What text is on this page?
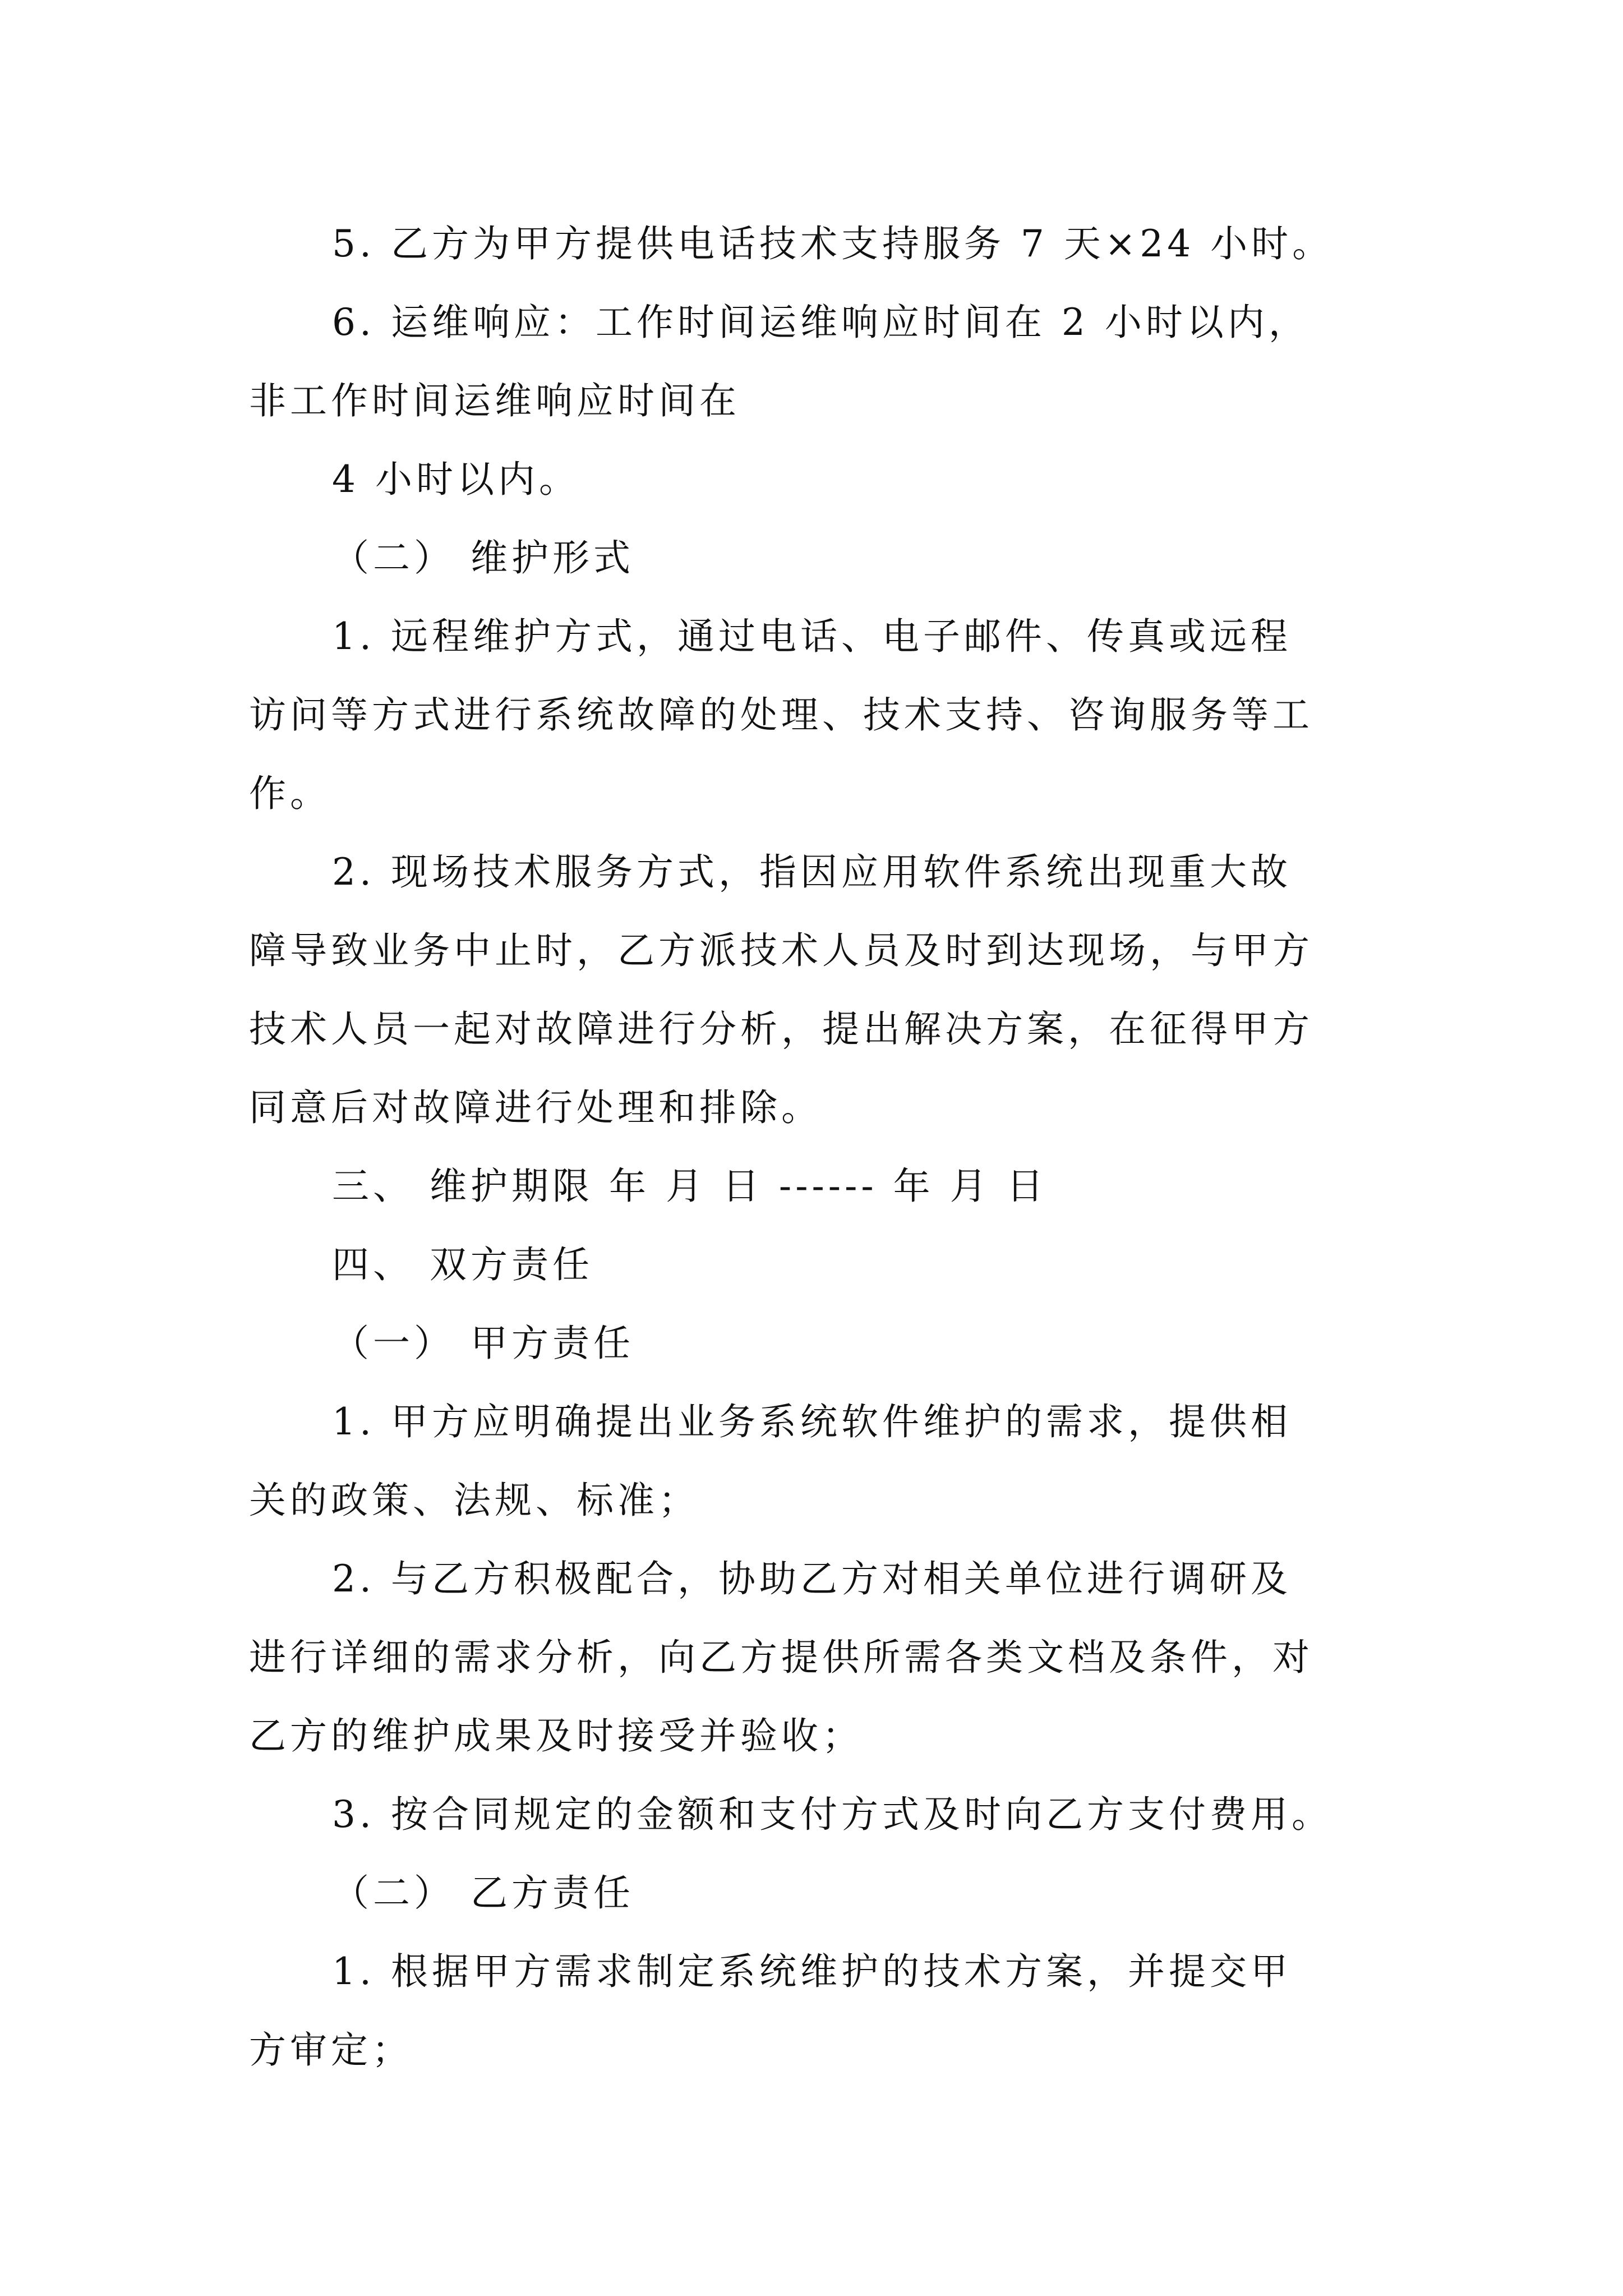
5. 乙方为甲方提供电话技术支持服务 7 天×24 小时。

6. 运维响应：工作时间运维响应时间在 2 小时以内，

非工作时间运维响应时间在

4 小时以内。

（二） 维护形式

1. 远程维护方式，通过电话、电子邮件、传真或远程

访问等方式进行系统故障的处理、技术支持、咨询服务等工

作。

2. 现场技术服务方式，指因应用软件系统出现重大故

障导致业务中止时，乙方派技术人员及时到达现场，与甲方

技术人员一起对故障进行分析，提出解决方案，在征得甲方

同意后对故障进行处理和排除。

三、 维护期限 年 月 日 ------ 年 月 日

四、 双方责任

（一） 甲方责任

1. 甲方应明确提出业务系统软件维护的需求，提供相

关的政策、法规、标准；

2. 与乙方积极配合，协助乙方对相关单位进行调研及

进行详细的需求分析，向乙方提供所需各类文档及条件，对

乙方的维护成果及时接受并验收；

3. 按合同规定的金额和支付方式及时向乙方支付费用。

（二） 乙方责任

1. 根据甲方需求制定系统维护的技术方案，并提交甲

方审定；
